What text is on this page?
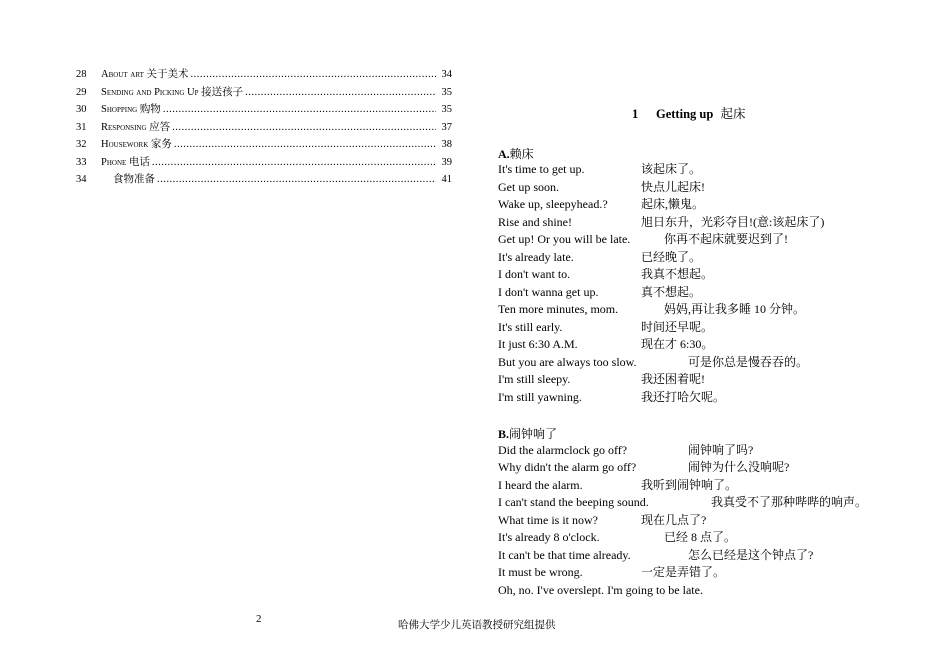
28	About art 关于美术 .....	34
29	Sending and Picking Up 接送孩子 .....	35
30	Shopping 购物 .....	35
31	Responsing 应答 .....	37
32	Housework 家务 .....	38
33	Phone 电话 .....	39
34	食物准备 .....	41
1 Getting up 起床
A.赖床
It's time to get up.	该起床了。
Get up soon.	快点儿起床!
Wake up, sleepyhead.?	起床,懒鬼。
Rise and shine!	旭日东升，光彩夺目!(意:该起床了)
Get up! Or you will be late.	你再不起床就要迟到了!
It's already late.	已经晚了。
I don't want to.	我真不想起。
I don't wanna get up.	真不想起。
Ten more minutes, mom.	妈妈,再让我多睡 10 分钟。
It's still early.	时间还早呢。
It just 6:30 A.M.	现在才 6:30。
But you are always too slow.	可是你总是慢吞吞的。
I'm still sleepy.	我还困着呢!
I'm still yawning.	我还打哈欠呢。
B.闹钟响了
Did the alarmclock go off?	闹钟响了吗?
Why didn't the alarm go off?	闹钟为什么没响呢?
I heard the alarm.	我听到闹钟响了。
I can't stand the beeping sound.	我真受不了那种哔哔的响声。
What time is it now?	现在几点了?
It's already 8 o'clock.	已经 8 点了。
It can't be that time already.	怎么已经是这个钟点了?
It must be wrong.	一定是弄错了。
Oh, no. I've overslept. I'm going to be late.
2
哈佛大学少儿英语教授研究组提供
